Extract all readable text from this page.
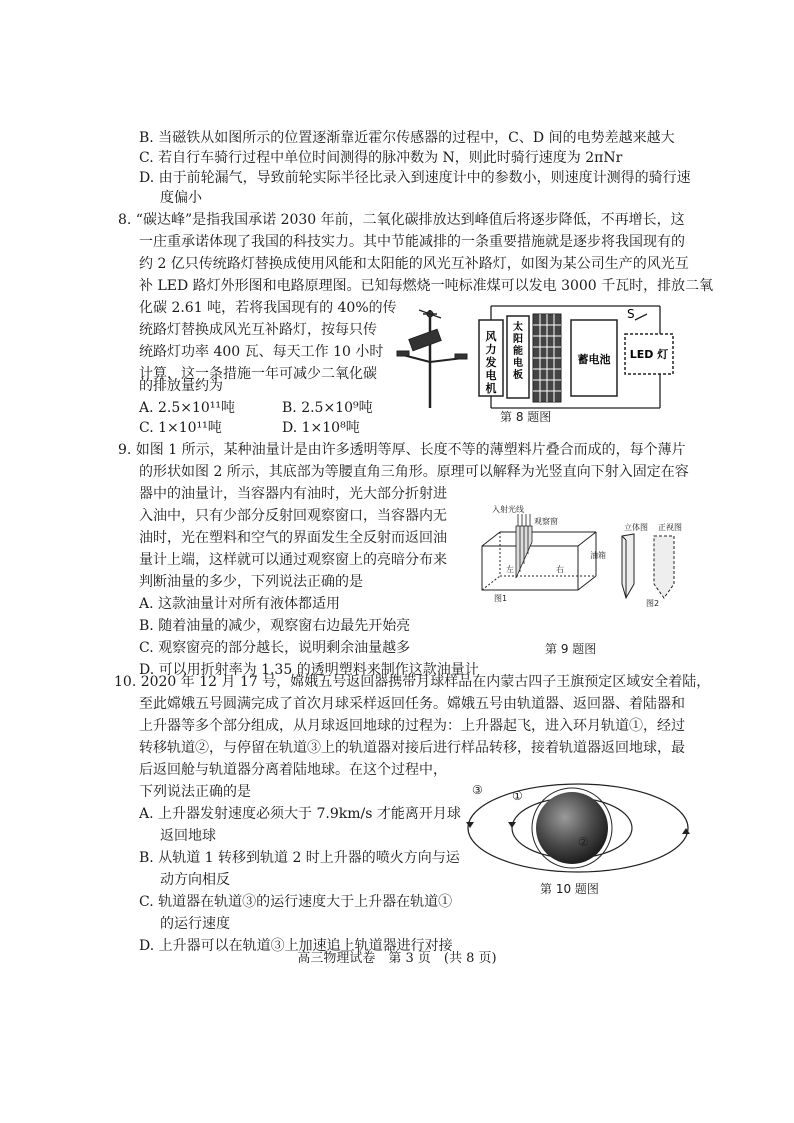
B. 当磁铁从如图所示的位置逐渐靠近霍尔传感器的过程中，C、D 间的电势差越来越大
C. 若自行车骑行过程中单位时间测得的脉冲数为 N，则此时骑行速度为 2πNr
D. 由于前轮漏气，导致前轮实际半径比录入到速度计中的参数小，则速度计测得的骑行速
度偏小
8. “碳达峰”是指我国承诺 2030 年前，二氧化碳排放达到峰值后将逐步降低，不再增长，这
一庄重承诺体现了我国的科技实力。其中节能减排的一条重要措施就是逐步将我国现有的
约 2 亿只传统路灯替换成使用风能和太阳能的风光互补路灯，如图为某公司生产的风光互
补 LED 路灯外形图和电路原理图。已知每燃烧一吨标准煤可以发电 3000 千瓦时，排放二氧
化碳 2.61 吨，若将我国现有的 40%的传
统路灯替换成风光互补路灯，按每只传
统路灯功率 400 瓦、每天工作 10 小时
计算，这一条措施一年可减少二氧化碳
的排放量约为
A. 2.5×10¹¹吨	B. 2.5×10⁹吨
C. 1×10¹¹吨	D. 1×10⁸吨
风力发电机
太阳能电板
蓄电池
S
LED 灯
第 8 题图
9. 如图 1 所示，某种油量计是由许多透明等厚、长度不等的薄塑料片叠合而成的，每个薄片
的形状如图 2 所示，其底部为等腰直角三角形。原理可以解释为光竖直向下射入固定在容
器中的油量计，当容器内有油时，光大部分折射进
入油中，只有少部分反射回观察窗口，当容器内无
油时，光在塑料和空气的界面发生全反射而返回油
量计上端，这样就可以通过观察窗上的亮暗分布来
判断油量的多少，下列说法正确的是
A. 这款油量计对所有液体都适用
B. 随着油量的减少，观察窗右边最先开始亮
C. 观察窗亮的部分越长，说明剩余油量越多
D. 可以用折射率为 1.35 的透明塑料来制作这款油量计
入射光线
观察窗
油箱
左	右
图1
立体图 正视图
图2
第 9 题图
10. 2020 年 12 月 17 号，嫦娥五号返回器携带月球样品在内蒙古四子王旗预定区域安全着陆，
至此嫦娥五号圆满完成了首次月球采样返回任务。嫦娥五号由轨道器、返回器、着陆器和
上升器等多个部分组成，从月球返回地球的过程为：上升器起飞，进入环月轨道①，经过
转移轨道②，与停留在轨道③上的轨道器对接后进行样品转移，接着轨道器返回地球，最
后返回舱与轨道器分离着陆地球。在这个过程中，
下列说法正确的是
A. 上升器发射速度必须大于 7.9km/s 才能离开月球
返回地球
B. 从轨道 1 转移到轨道 2 时上升器的喷火方向与运
动方向相反
C. 轨道器在轨道③的运行速度大于上升器在轨道①
的运行速度
D. 上升器可以在轨道③上加速追上轨道器进行对接
③ ①
②
第 10 题图
高三物理试卷　第 3 页　(共 8 页)
